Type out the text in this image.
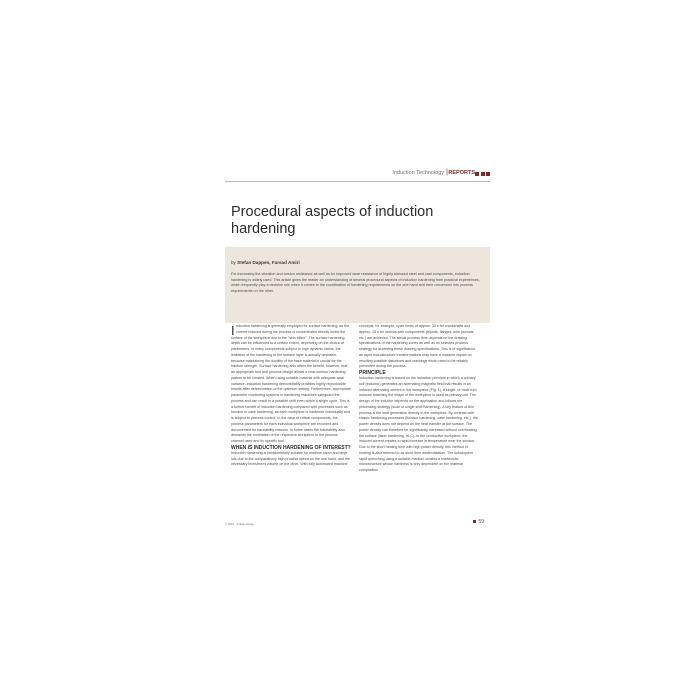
Induction Technology | REPORTS
Procedural aspects of induction hardening
by Stefan Dappen, Farsad Amiri

For increasing the vibration and torsion resistance as well as for improved wear resistance of highly stressed steel and cast components, induction hardening is widely used. This article gives the reader an understanding of several procedural aspects of induction hardening from practical experiences, which frequently play a decisive role when it comes to the coordination of hardening requirements on the one hand and their conversion into process requirements on the other.

Induction hardening is generally employed for surface hardening, as the current induced during the process is concentrated directly under the surface of the workpiece due to the "skin effect". The surface hardening depth can be influenced to a certain extent, depending on the choice of parameters. In many components subject to high dynamic stress, the limitation of the hardening to the surface layer is actually desirable, because maintaining the ductility of the base material is crucial for the fracture strength. Surface hardening also offers the benefit, however, that an appropriate tool and process design allows a near-contour hardening pattern to be created. When using suitable material with adequate axial variance, induction hardening demonstrably provides highly reproducible results after determination of the optimum setting. Furthermore, appropriate parameter monitoring systems in hardening machines safeguard the process and can result in a possible shift even within a single cycle. This is a further benefit of induction hardening compared with processes such as furnace or case hardening, as each workpiece is hardened individually and is subject to process control. In the case of critical components, the process parameters for each individual workpiece are recorded and documented for traceability reasons. In some cases the traceability also demands the correlation of the respective workpiece to the process channel used and its specific tool.

WHEN IS INDUCTION HARDENING OF INTEREST?

Induction hardening is fundamentally suitable for medium-sized and large lots due to the comparatively high process speed on the one hand, and the necessary investment volume on the other. With fully automated machine

concepts, for example, cycle times of approx. 30 s for crankshafts and approx. 15 s for various axle components (tripods, flanges, axle journals, etc.) are achieved. The actual process time depends on the drawing specifications of the hardening zones as well as on selected process strategy for achieving these drawing specifications. This is of significance as rapid microstructure transformations may have a massive impact on resulting possible distortions and crackings which need to be reliably prevented during the process.

PRINCIPLE

Induction hardening is based on the induction principle in which a primary coil (inductor) generates an alternating magnetic field that results in an induced alternating current in the workpiece (Fig. 1). A single- or multi-turn inductor matching the shape of the workpiece is used as primary coil. The design of the inductor depends on the application and follows the processing strategy (scan or single shot hardening). A key feature of this process is the heat generation directly in the workpiece. By contrast with classic hardening processes (furnace hardening, case hardening, etc.), the power density does not depend on the heat transfer at the surface. The power density can therefore be significantly increased without overheating the surface (laser hardening, HLC). In the conductive workpiece, the induced current creates a rapid increase in temperature near the surface. Due to the short heating time with high power density, this method of heating is also referred to as short time austenitization. The subsequent rapid quenching using a suitable medium creates a martensitic microstructure whose hardness is only dependent on the material composition.

© 2019 · Vulkan-Verlag	59
